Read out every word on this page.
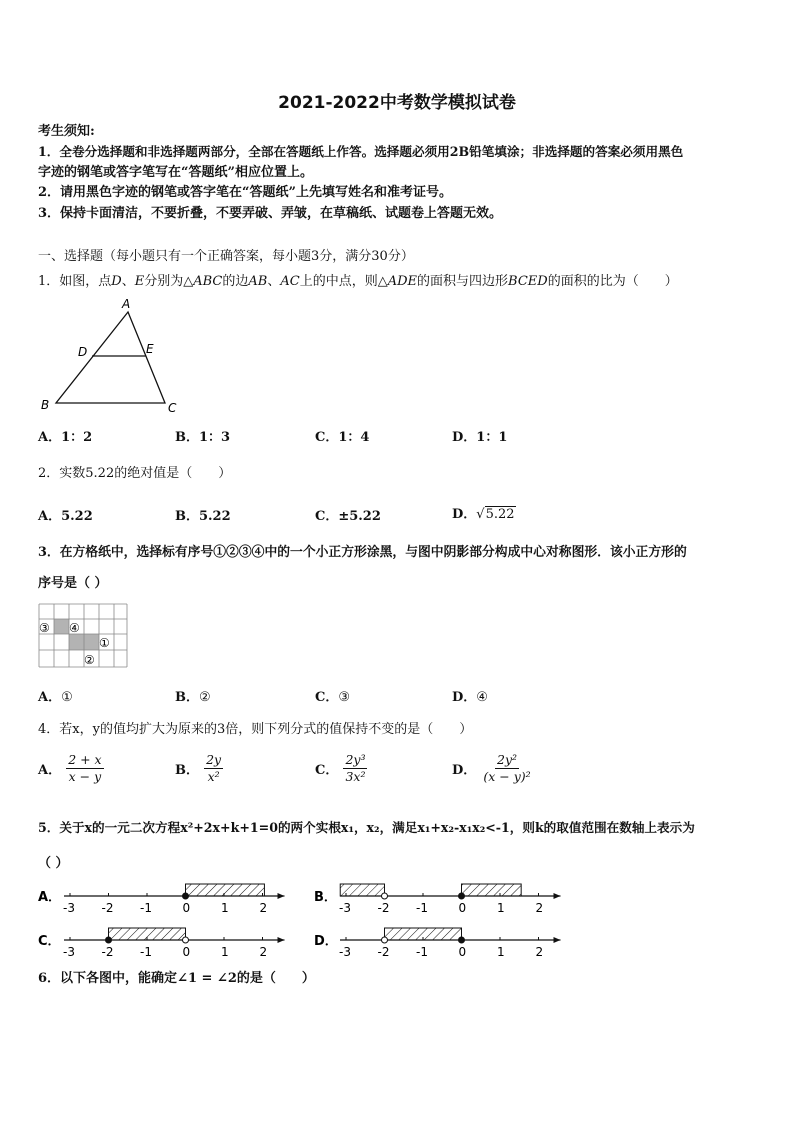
2021-2022中考数学模拟试卷
考生须知:
1．全卷分选择题和非选择题两部分，全部在答题纸上作答。选择题必须用2B铅笔填涂；非选择题的答案必须用黑色
字迹的钢笔或答字笔写在“答题纸”相应位置上。
2．请用黑色字迹的钢笔或答字笔在“答题纸”上先填写姓名和准考证号。
3．保持卡面清洁，不要折叠，不要弄破、弄皱，在草稿纸、试题卷上答题无效。
一、选择题（每小题只有一个正确答案，每小题3分，满分30分）
1．如图，点D、E分别为△ABC的边AB、AC上的中点，则△ADE的面积与四边形BCED的面积的比为（　　）
A
B	C
D	E
A．1：2	B．1：3	C．1：4	D．1：1
2．实数5.22的绝对值是（　　）
A．5.22	B．5.22	C．±5.22	D．√5.22
3．在方格纸中，选择标有序号①②③④中的一个小正方形涂黑，与图中阴影部分构成中心对称图形．该小正方形的
序号是（ ）
③ ④
①
②
A．①	B．②	C．③	D．④
4．若x，y的值均扩大为原来的3倍，则下列分式的值保持不变的是（　　）
A． $\frac{2 + x}{x - y}$	B． $\frac{2y}{\text{x²}}$	C． $\frac{\text{2y³}}{\text{3x²}}$	D． $\frac{\text{2y²}}{\text{(x − y)²}}$
5．关于x的一元二次方程x²+2x+k+1=0的两个实根x₁，x₂，满足x₁+x₂-x₁x₂<-1，则k的取值范围在数轴上表示为
（ ）
A．
-3 -2 -1	0	1	2
B．
-3 -2 -1	0	1	2
C．
-3 -2 -1	0	1	2
D．
-3 -2 -1	0	1	2
6．以下各图中，能确定∠1 = ∠2的是（　　）
